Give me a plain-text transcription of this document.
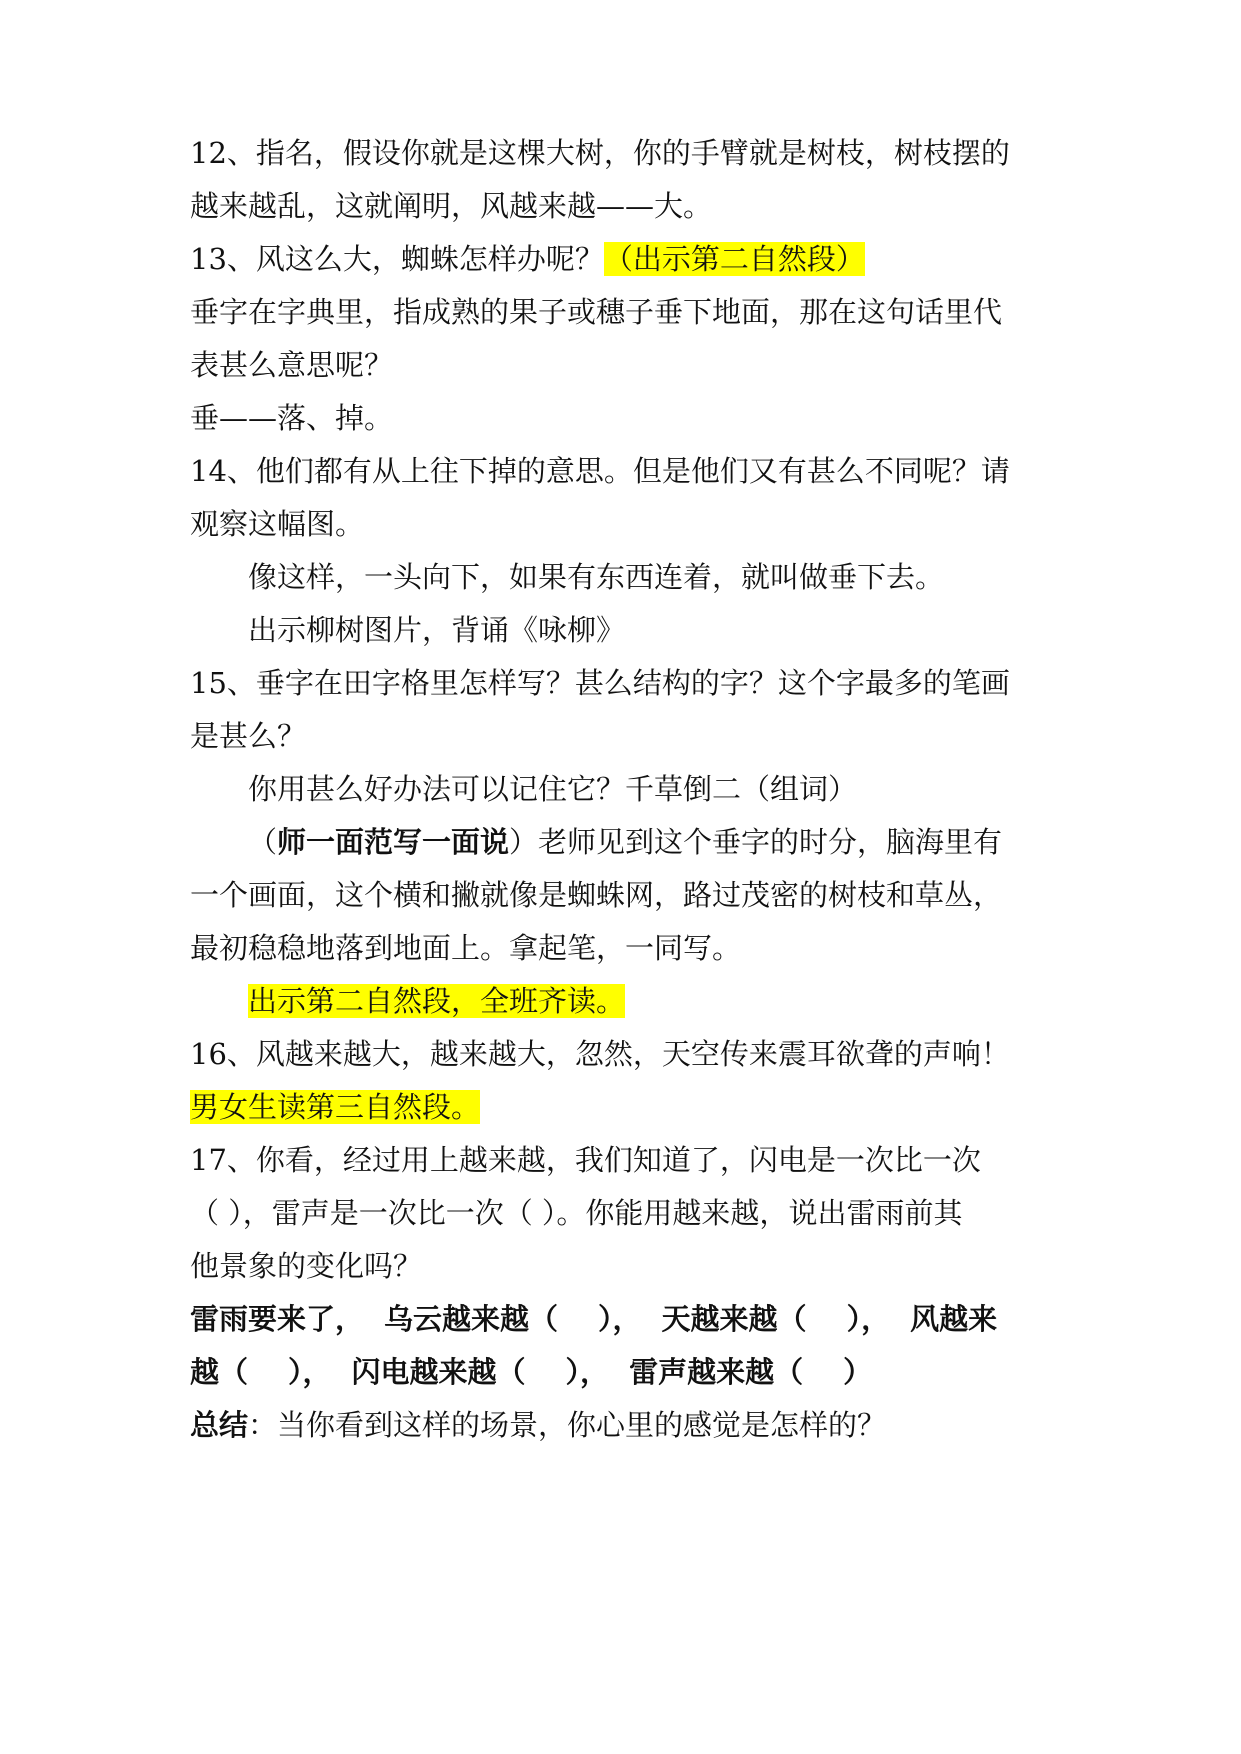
12、指名，假设你就是这棵大树，你的手臂就是树枝，树枝摆的
越来越乱，这就阐明，风越来越——大。
13、风这么大，蜘蛛怎样办呢？（出示第二自然段）
垂字在字典里，指成熟的果子或穗子垂下地面，那在这句话里代
表甚么意思呢？
垂——落、掉。
14、他们都有从上往下掉的意思。但是他们又有甚么不同呢？请
观察这幅图。
像这样，一头向下，如果有东西连着，就叫做垂下去。
出示柳树图片，背诵《咏柳》
15、垂字在田字格里怎样写？甚么结构的字？这个字最多的笔画
是甚么？
你用甚么好办法可以记住它？千草倒二（组词）
（师一面范写一面说）老师见到这个垂字的时分，脑海里有
一个画面，这个横和撇就像是蜘蛛网，路过茂密的树枝和草丛，
最初稳稳地落到地面上。拿起笔，一同写。
出示第二自然段，全班齐读。
16、风越来越大，越来越大，忽然，天空传来震耳欲聋的声响！
男女生读第三自然段。
17、你看，经过用上越来越，我们知道了，闪电是一次比一次
（ ），雷声是一次比一次（ ）。你能用越来越，说出雷雨前其
他景象的变化吗？
雷雨要来了， 乌云越来越（ ）， 天越来越（ ）， 风越来
越（ ）， 闪电越来越（ ）， 雷声越来越（ ）
总结：当你看到这样的场景，你心里的感觉是怎样的？
